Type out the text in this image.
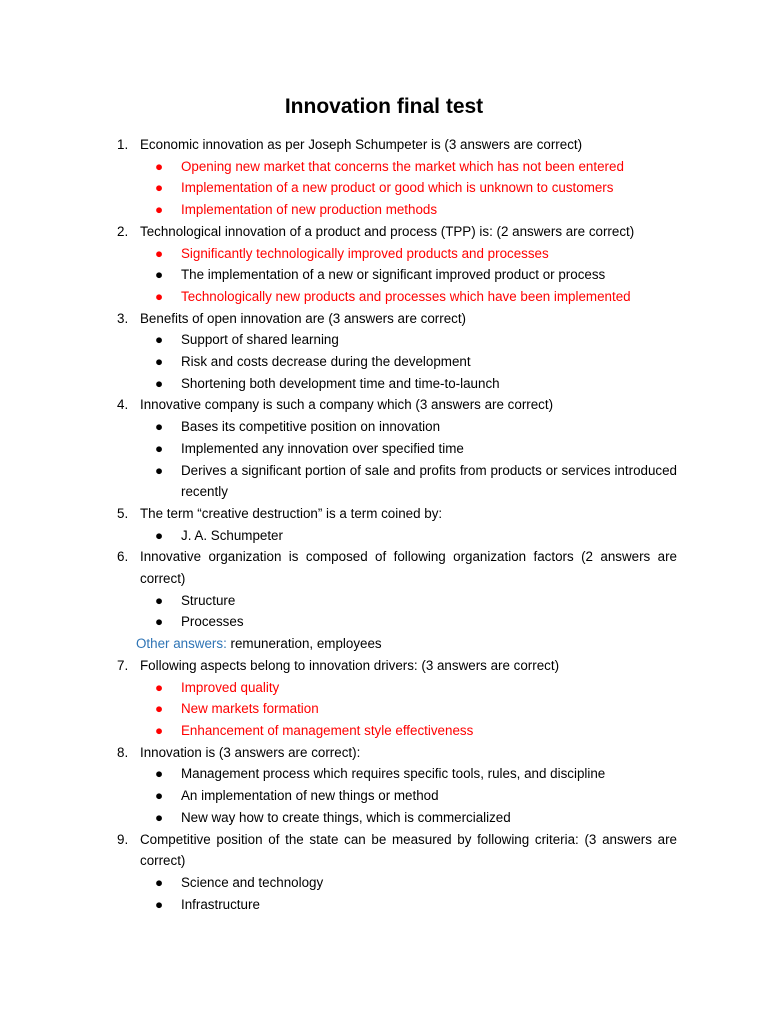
Innovation final test
1. Economic innovation as per Joseph Schumpeter is (3 answers are correct)
● Opening new market that concerns the market which has not been entered
● Implementation of a new product or good which is unknown to customers
● Implementation of new production methods
2. Technological innovation of a product and process (TPP) is: (2 answers are correct)
● Significantly technologically improved products and processes
● The implementation of a new or significant improved product or process
● Technologically new products and processes which have been implemented
3. Benefits of open innovation are (3 answers are correct)
● Support of shared learning
● Risk and costs decrease during the development
● Shortening both development time and time-to-launch
4. Innovative company is such a company which (3 answers are correct)
● Bases its competitive position on innovation
● Implemented any innovation over specified time
● Derives a significant portion of sale and profits from products or services introduced recently
5. The term “creative destruction” is a term coined by:
● J. A. Schumpeter
6. Innovative organization is composed of following organization factors (2 answers are correct)
● Structure
● Processes
Other answers: remuneration, employees
7. Following aspects belong to innovation drivers: (3 answers are correct)
● Improved quality
● New markets formation
● Enhancement of management style effectiveness
8. Innovation is (3 answers are correct):
● Management process which requires specific tools, rules, and discipline
● An implementation of new things or method
● New way how to create things, which is commercialized
9. Competitive position of the state can be measured by following criteria: (3 answers are correct)
● Science and technology
● Infrastructure
